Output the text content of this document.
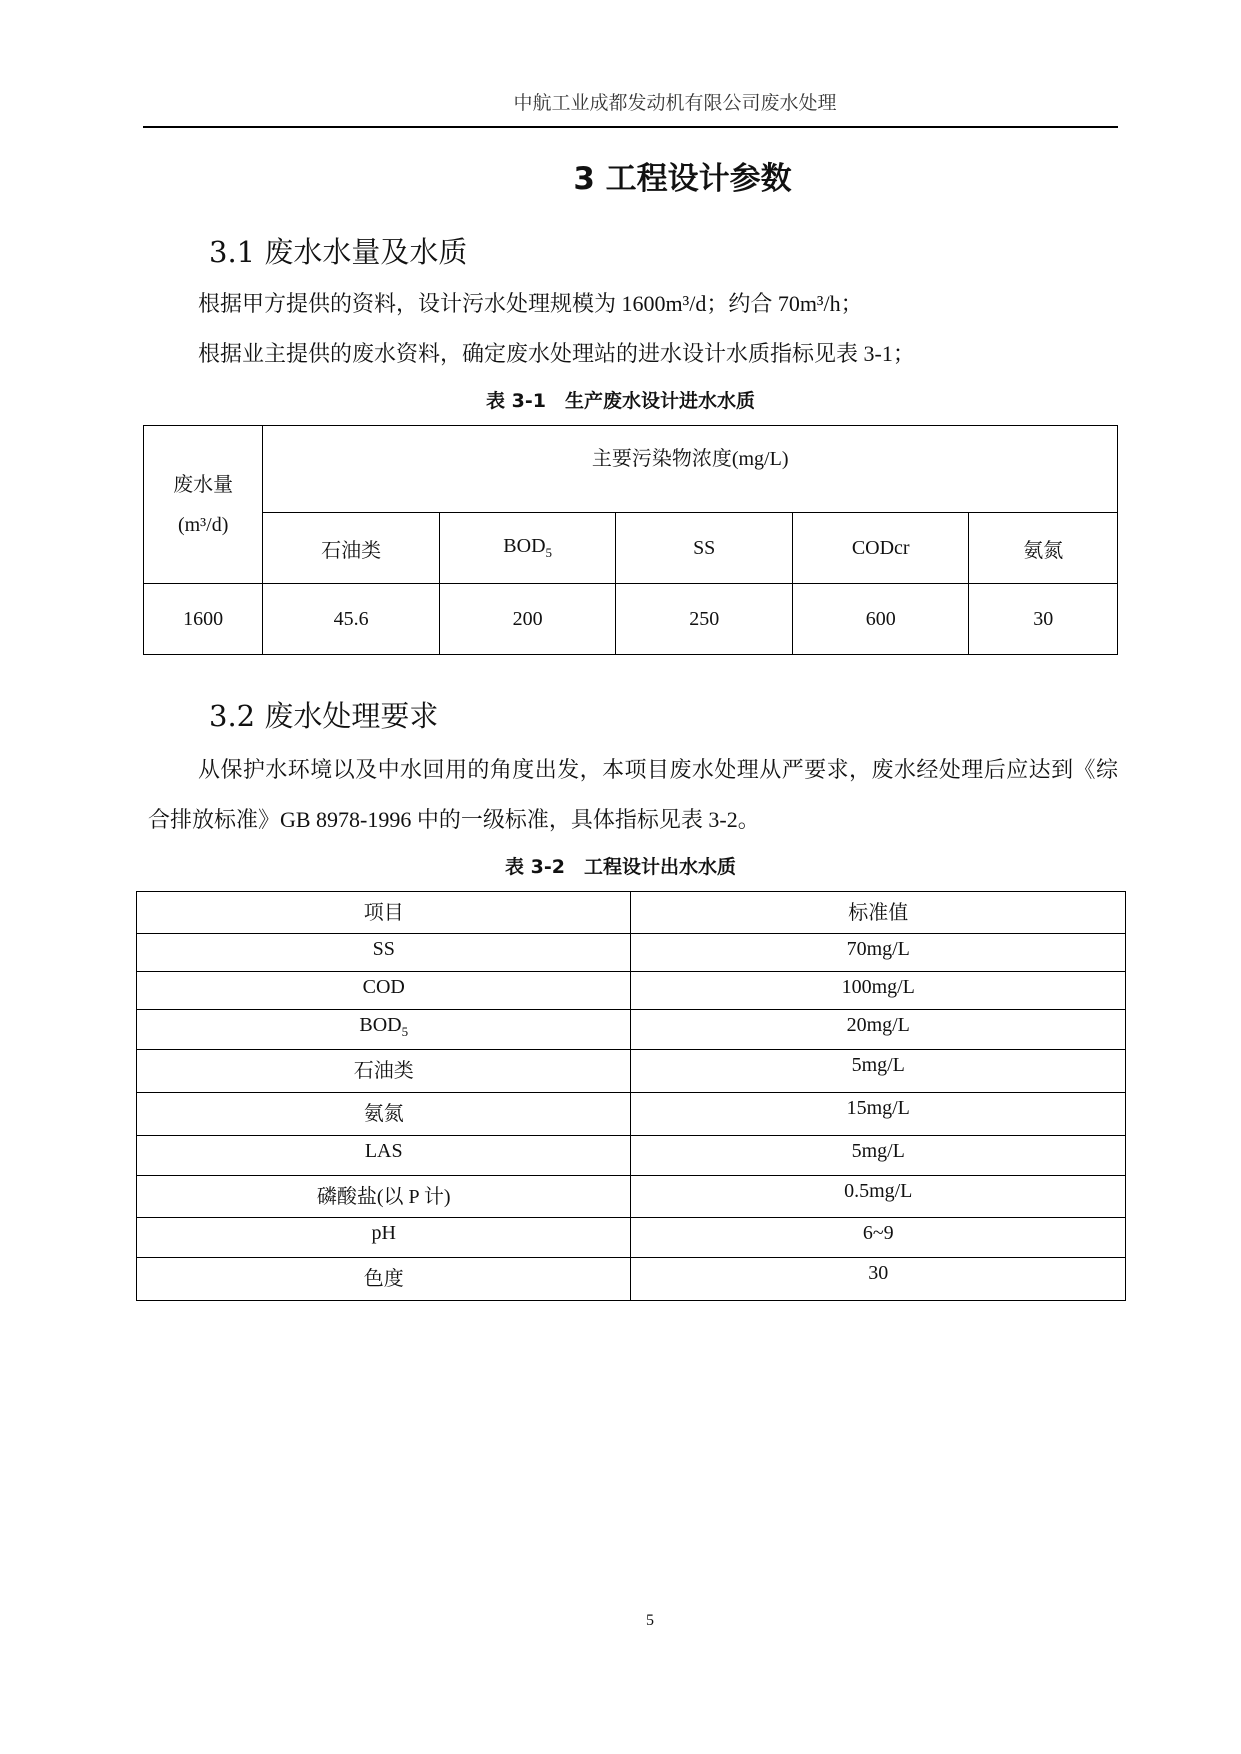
中航工业成都发动机有限公司废水处理
3 工程设计参数
3.1 废水水量及水质
根据甲方提供的资料，设计污水处理规模为 1600m³/d；约合 70m³/h；
根据业主提供的废水资料，确定废水处理站的进水设计水质指标见表 3-1；
表 3-1　生产废水设计进水水质
废水量
(m³/d)	主要污染物浓度(mg/L)				
	石油类	$BOD_5$	SS	CODcr	氨氮
1600	45.6	200	250	600	30
3.2 废水处理要求
从保护水环境以及中水回用的角度出发，本项目废水处理从严要求，废水经处理后应达到《综合排放标准》GB 8978-1996 中的一级标准，具体指标见表 3-2。
表 3-2　工程设计出水水质
项目	标准值
SS	70mg/L
COD	100mg/L
$BOD_5$	20mg/L
石油类	5mg/L
氨氮	15mg/L
LAS	5mg/L
磷酸盐(以 P 计)	0.5mg/L
pH	6~9
色度	30
5
